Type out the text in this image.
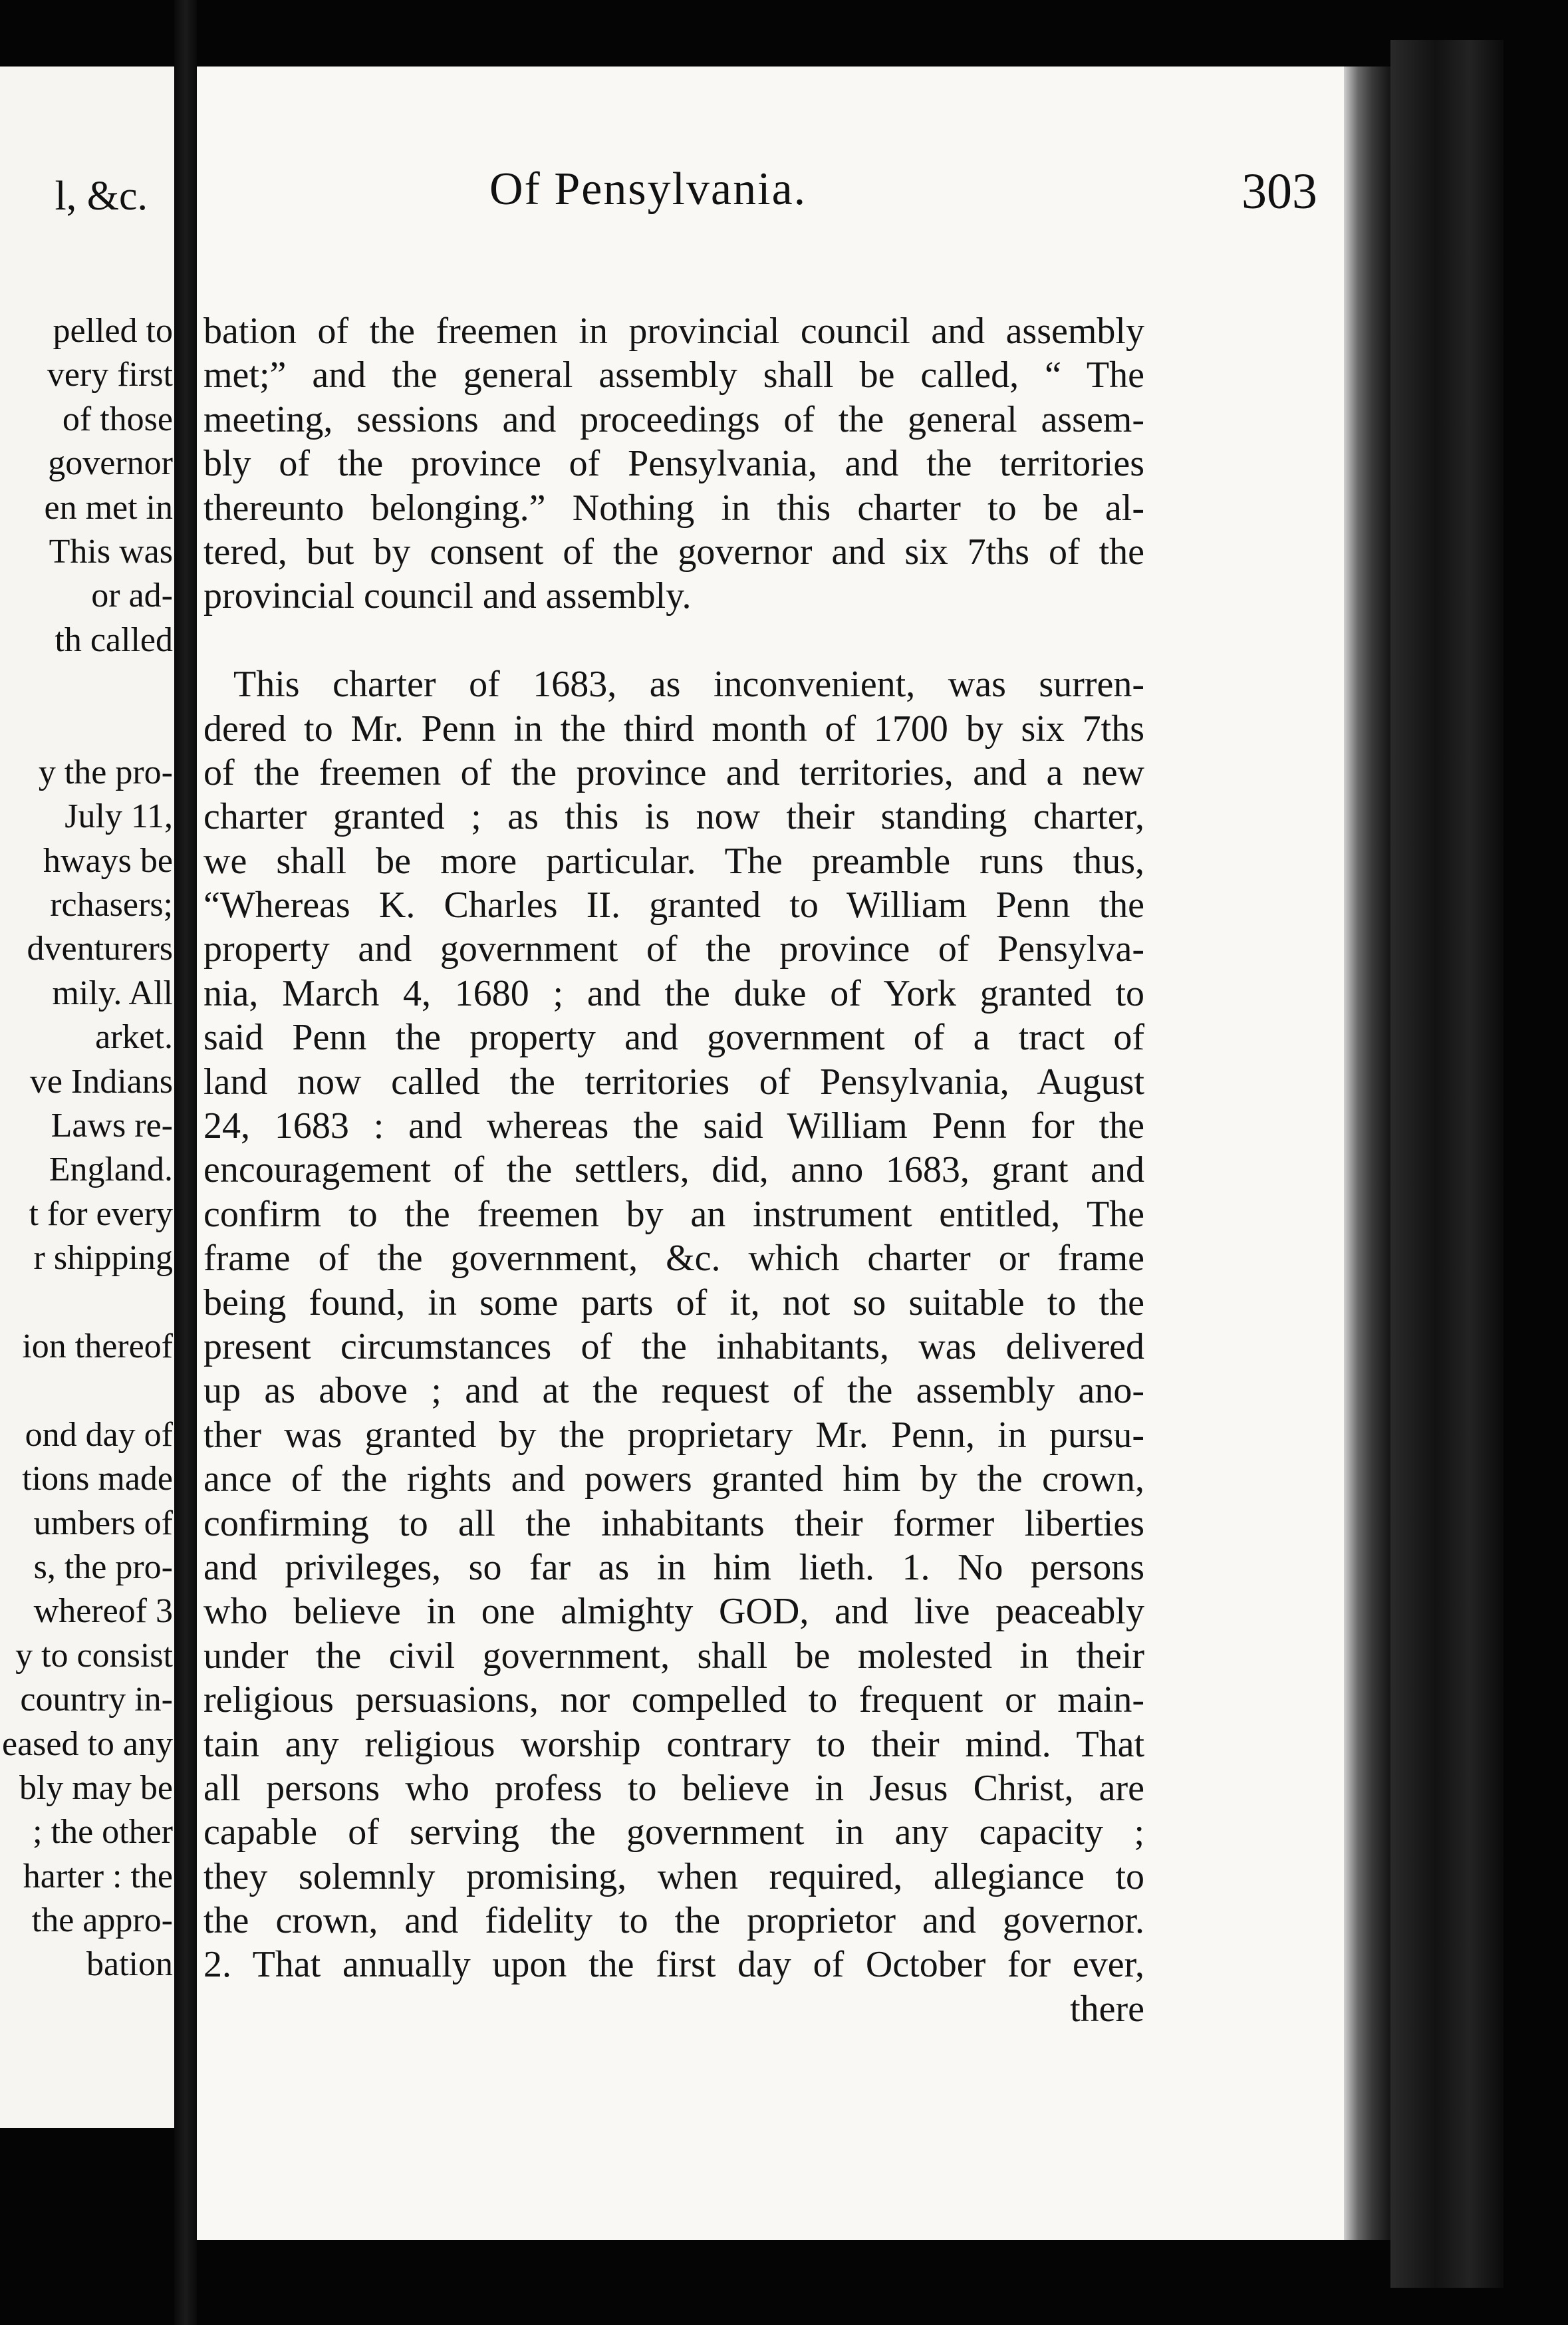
l, &c.
pelled to
very first
of those
governor
en met in
This was
or ad-
th called
y the pro-
July 11,
hways be
rchasers;
dventurers
mily. All
arket.
ve Indians
Laws re-
England.
t for every
r shipping
ion thereof
ond day of
tions made
umbers of
s, the pro-
whereof 3
y to consist
country in-
eased to any
bly may be
; the other
harter : the
the appro-
bation
Of Pensylvania.	303
bation of the freemen in provincial council and assembly
met;” and the general assembly shall be called, “ The
meeting, sessions and proceedings of the general assem-
bly of the province of Pensylvania, and the territories
thereunto belonging.” Nothing in this charter to be al-
tered, but by consent of the governor and six 7ths of the
provincial council and assembly.
This charter of 1683, as inconvenient, was surren-
dered to Mr. Penn in the third month of 1700 by six 7ths
of the freemen of the province and territories, and a new
charter granted ; as this is now their standing charter,
we shall be more particular. The preamble runs thus,
“Whereas K. Charles II. granted to William Penn the
property and government of the province of Pensylva-
nia, March 4, 1680 ; and the duke of York granted to
said Penn the property and government of a tract of
land now called the territories of Pensylvania, August
24, 1683 : and whereas the said William Penn for the
encouragement of the settlers, did, anno 1683, grant and
confirm to the freemen by an instrument entitled, The
frame of the government, &c. which charter or frame
being found, in some parts of it, not so suitable to the
present circumstances of the inhabitants, was delivered
up as above ; and at the request of the assembly ano-
ther was granted by the proprietary Mr. Penn, in pursu-
ance of the rights and powers granted him by the crown,
confirming to all the inhabitants their former liberties
and privileges, so far as in him lieth. 1. No persons
who believe in one almighty GOD, and live peaceably
under the civil government, shall be molested in their
religious persuasions, nor compelled to frequent or main-
tain any religious worship contrary to their mind. That
all persons who profess to believe in Jesus Christ, are
capable of serving the government in any capacity ;
they solemnly promising, when required, allegiance to
the crown, and fidelity to the proprietor and governor.
2. That annually upon the first day of October for ever,
there
